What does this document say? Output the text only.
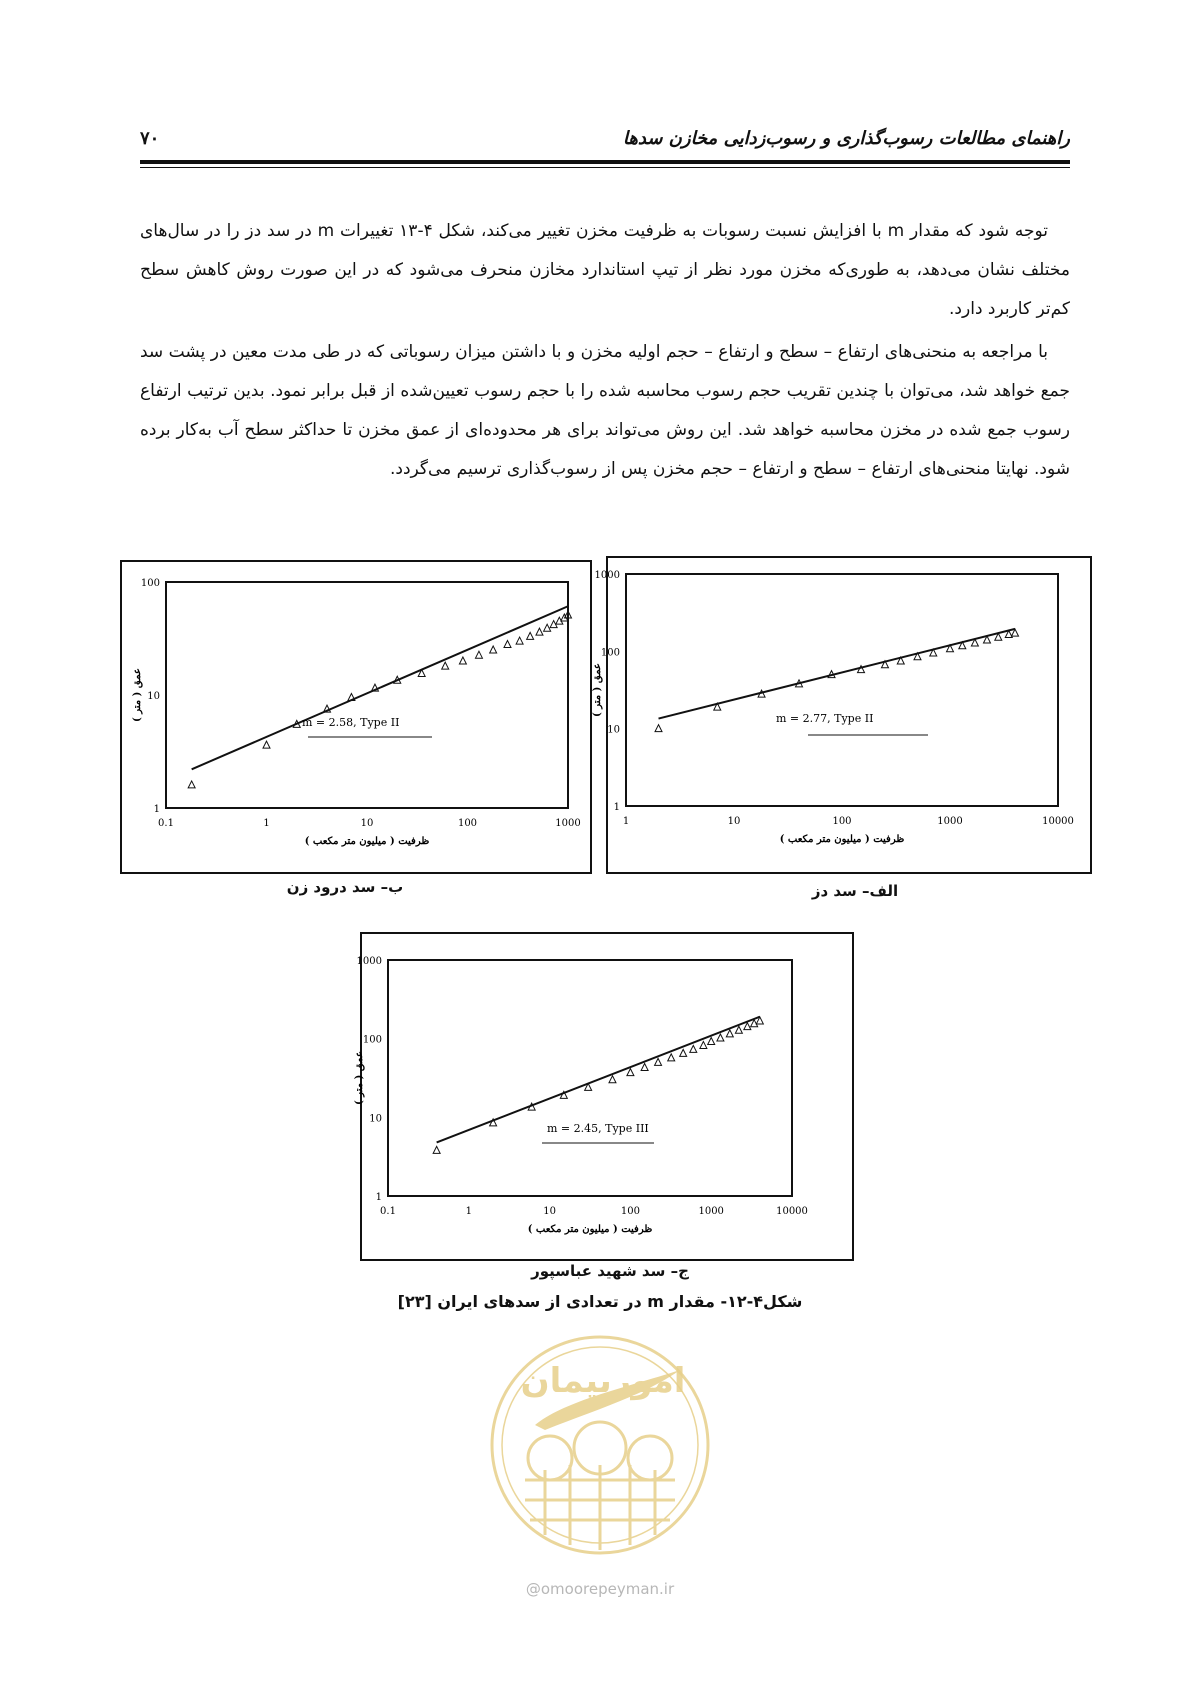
راهنمای مطالعات رسوب‌گذاری و رسوب‌زدایی مخازن سدها
۷۰

توجه شود که مقدار m با افزایش نسبت رسوبات به ظرفیت مخزن تغییر می‌کند، شکل ۴-۱۳ تغییرات m در سد دز را در سال‌های مختلف نشان می‌دهد، به طوری‌که مخزن مورد نظر از تیپ استاندارد مخازن منحرف می‌شود که در این صورت روش کاهش سطح کم‌تر کاربرد دارد.

با مراجعه به منحنی‌های ارتفاع – سطح و ارتفاع – حجم اولیه مخزن و با داشتن میزان رسوباتی که در طی مدت معین در پشت سد جمع خواهد شد، می‌توان با چندین تقریب حجم رسوب محاسبه شده را با حجم رسوب تعیین‌شده از قبل برابر نمود. بدین ترتیب ارتفاع رسوب جمع شده در مخزن محاسبه خواهد شد. این روش می‌تواند برای هر محدوده‌ای از عمق مخزن تا حداکثر سطح آب به‌کار برده شود. نهایتا منحنی‌های ارتفاع – سطح و ارتفاع – حجم مخزن پس از رسوب‌گذاری ترسیم می‌گردد.

1	10	100	1000	10000
1
10
100
1000
ظرفیت ( میلیون متر مکعب )
عمق ( متر )
m = 2.77, Type II
0.1	1	10	100	1000
1
10
100
ظرفیت ( میلیون متر مکعب )
عمق ( متر )
m = 2.58, Type II
0.1	1	10	100	1000	10000
1
10
100
1000
ظرفیت ( میلیون متر مکعب )
عمق ( متر )
m = 2.45, Type III
الف– سد دز
ب– سد درود زن
ج– سد شهید عباسپور
شکل۴-۱۲- مقدار m در تعدادی از سدهای ایران [۲۳]
امورپیمان
@omoorepeyman.ir
